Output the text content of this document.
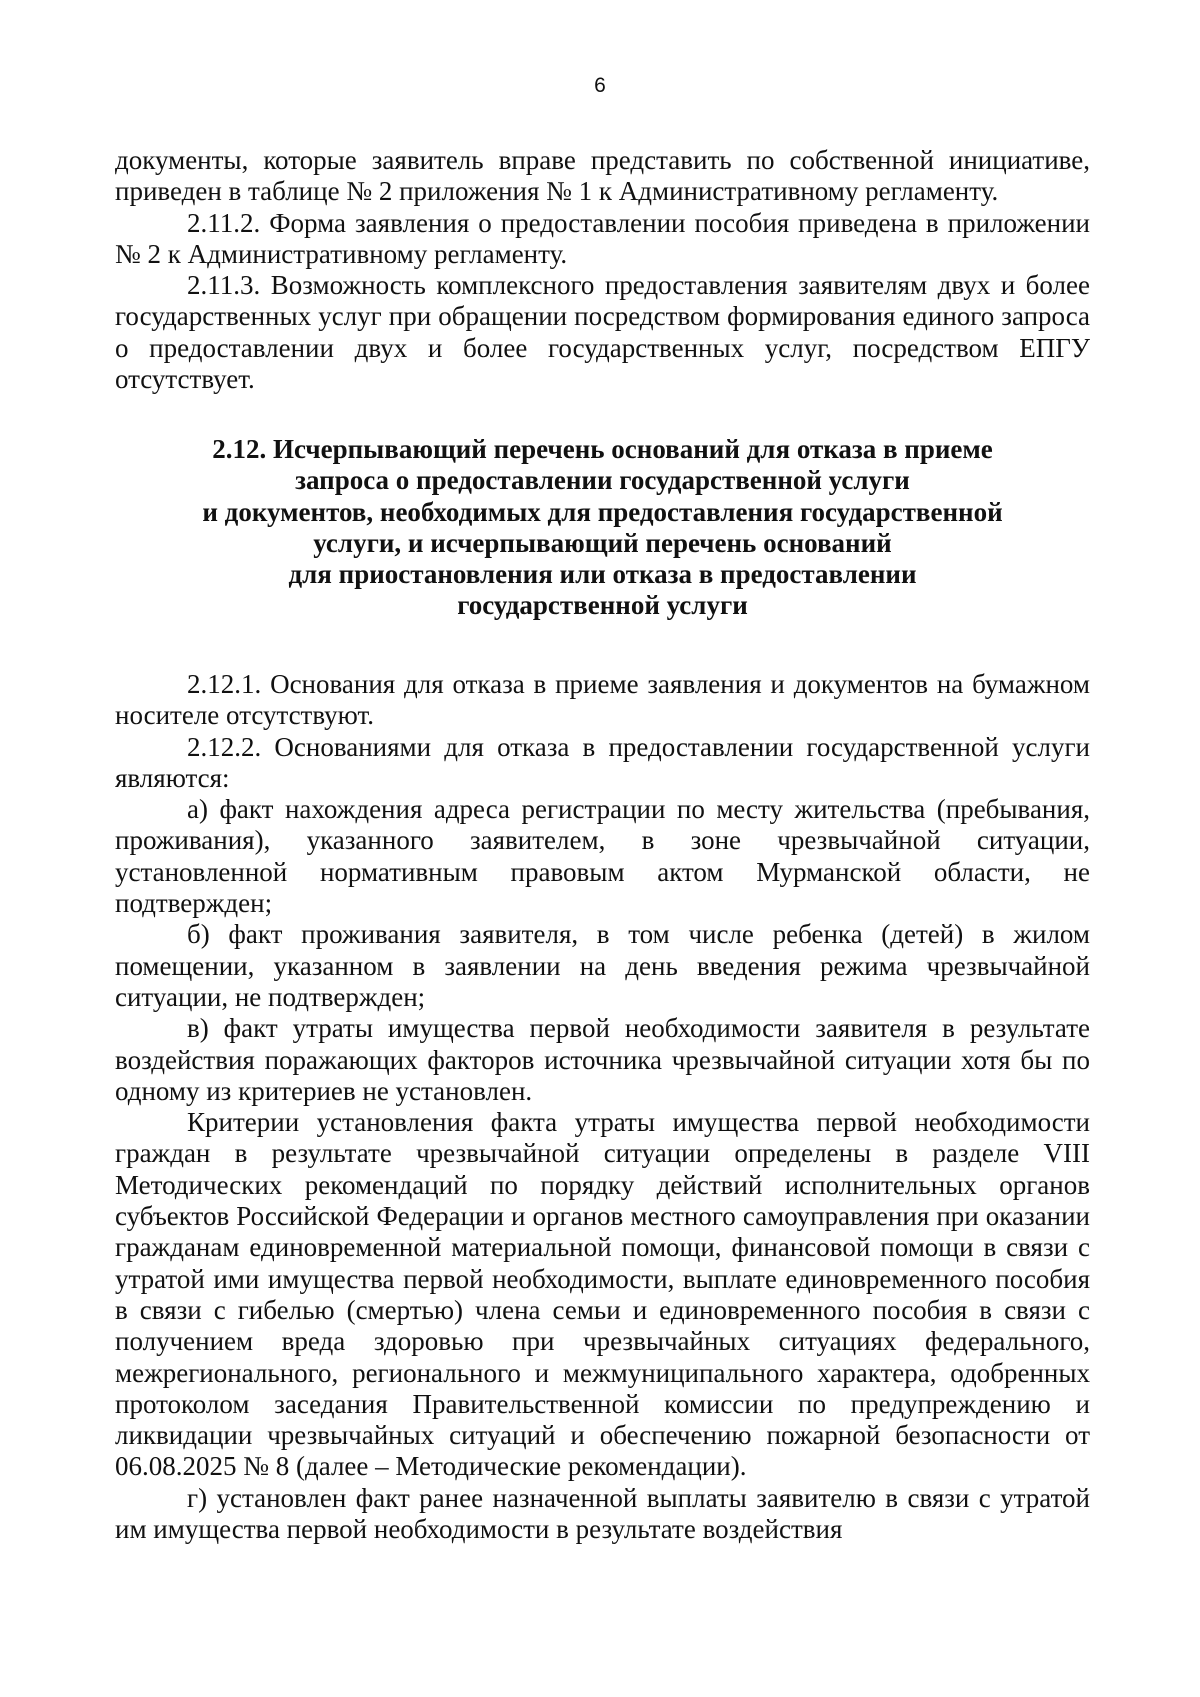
6

документы, которые заявитель вправе представить по собственной инициативе, приведен в таблице № 2 приложения № 1 к Административному регламенту.

2.11.2. Форма заявления о предоставлении пособия приведена в приложении № 2 к Административному регламенту.

2.11.3. Возможность комплексного предоставления заявителям двух и более государственных услуг при обращении посредством формирования единого запроса о предоставлении двух и более государственных услуг, посредством ЕПГУ отсутствует.

2.12. Исчерпывающий перечень оснований для отказа в приеме
запроса о предоставлении государственной услуги
и документов, необходимых для предоставления государственной
услуги, и исчерпывающий перечень оснований
для приостановления или отказа в предоставлении
государственной услуги

2.12.1. Основания для отказа в приеме заявления и документов на бумажном носителе отсутствуют.

2.12.2. Основаниями для отказа в предоставлении государственной услуги являются:

а) факт нахождения адреса регистрации по месту жительства (пребывания, проживания), указанного заявителем, в зоне чрезвычайной ситуации, установленной нормативным правовым актом Мурманской области, не подтвержден;

б) факт проживания заявителя, в том числе ребенка (детей) в жилом помещении, указанном в заявлении на день введения режима чрезвычайной ситуации, не подтвержден;

в) факт утраты имущества первой необходимости заявителя в результате воздействия поражающих факторов источника чрезвычайной ситуации хотя бы по одному из критериев не установлен.

Критерии установления факта утраты имущества первой необходимости граждан в результате чрезвычайной ситуации определены в разделе VIII Методических рекомендаций по порядку действий исполнительных органов субъектов Российской Федерации и органов местного самоуправления при оказании гражданам единовременной материальной помощи, финансовой помощи в связи с утратой ими имущества первой необходимости, выплате единовременного пособия в связи с гибелью (смертью) члена семьи и единовременного пособия в связи с получением вреда здоровью при чрезвычайных ситуациях федерального, межрегионального, регионального и межмуниципального характера, одобренных протоколом заседания Правительственной комиссии по предупреждению и ликвидации чрезвычайных ситуаций и обеспечению пожарной безопасности от 06.08.2025 № 8 (далее – Методические рекомендации).

г) установлен факт ранее назначенной выплаты заявителю в связи с утратой им имущества первой необходимости в результате воздействия
